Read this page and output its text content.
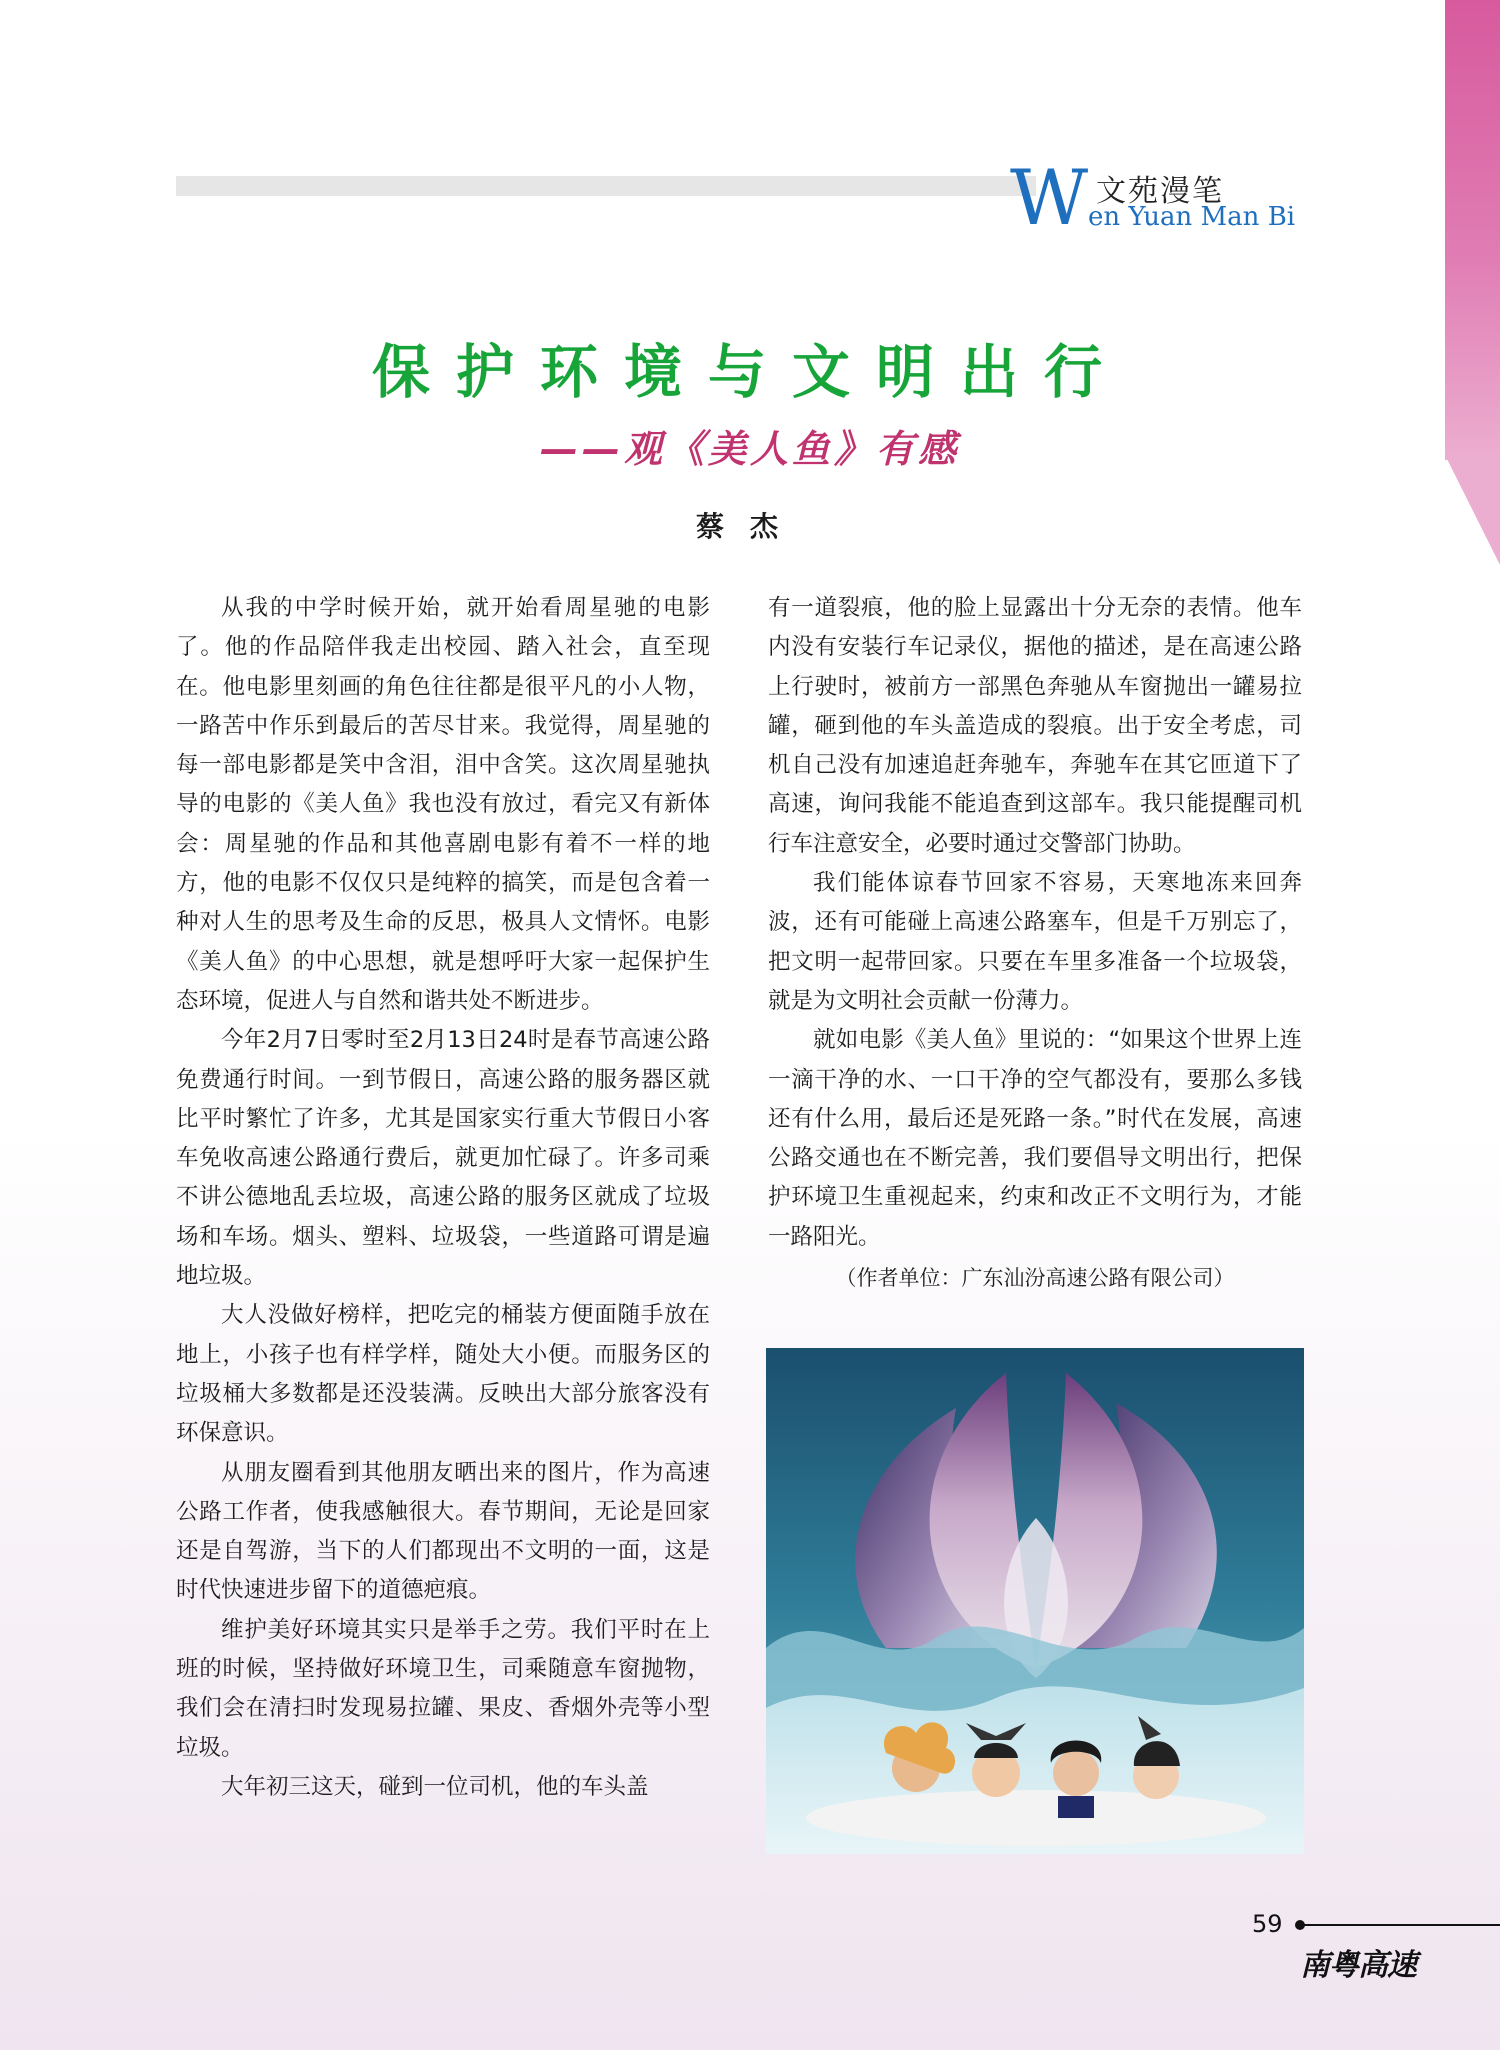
W 文苑漫笔
en Yuan Man Bi
保护环境与文明出行
——观《美人鱼》有感
蔡杰

从我的中学时候开始，就开始看周星驰的电影了。他的作品陪伴我走出校园、踏入社会，直至现在。他电影里刻画的角色往往都是很平凡的小人物，一路苦中作乐到最后的苦尽甘来。我觉得，周星驰的每一部电影都是笑中含泪，泪中含笑。这次周星驰执导的电影的《美人鱼》我也没有放过，看完又有新体会：周星驰的作品和其他喜剧电影有着不一样的地方，他的电影不仅仅只是纯粹的搞笑，而是包含着一种对人生的思考及生命的反思，极具人文情怀。电影《美人鱼》的中心思想，就是想呼吁大家一起保护生态环境，促进人与自然和谐共处不断进步。

今年2月7日零时至2月13日24时是春节高速公路免费通行时间。一到节假日，高速公路的服务器区就比平时繁忙了许多，尤其是国家实行重大节假日小客车免收高速公路通行费后，就更加忙碌了。许多司乘不讲公德地乱丢垃圾，高速公路的服务区就成了垃圾场和车场。烟头、塑料、垃圾袋，一些道路可谓是遍地垃圾。

大人没做好榜样，把吃完的桶装方便面随手放在地上，小孩子也有样学样，随处大小便。而服务区的垃圾桶大多数都是还没装满。反映出大部分旅客没有环保意识。

从朋友圈看到其他朋友晒出来的图片，作为高速公路工作者，使我感触很大。春节期间，无论是回家还是自驾游，当下的人们都现出不文明的一面，这是时代快速进步留下的道德疤痕。

维护美好环境其实只是举手之劳。我们平时在上班的时候，坚持做好环境卫生，司乘随意车窗抛物，我们会在清扫时发现易拉罐、果皮、香烟外壳等小型垃圾。

大年初三这天，碰到一位司机，他的车头盖

有一道裂痕，他的脸上显露出十分无奈的表情。他车内没有安装行车记录仪，据他的描述，是在高速公路上行驶时，被前方一部黑色奔驰从车窗抛出一罐易拉罐，砸到他的车头盖造成的裂痕。出于安全考虑，司机自己没有加速追赶奔驰车，奔驰车在其它匝道下了高速，询问我能不能追查到这部车。我只能提醒司机行车注意安全，必要时通过交警部门协助。

我们能体谅春节回家不容易，天寒地冻来回奔波，还有可能碰上高速公路塞车，但是千万别忘了，把文明一起带回家。只要在车里多准备一个垃圾袋，就是为文明社会贡献一份薄力。

就如电影《美人鱼》里说的：“如果这个世界上连一滴干净的水、一口干净的空气都没有，要那么多钱还有什么用，最后还是死路一条。”时代在发展，高速公路交通也在不断完善，我们要倡导文明出行，把保护环境卫生重视起来，约束和改正不文明行为，才能一路阳光。

（作者单位：广东汕汾高速公路有限公司）

59
南粤高速
